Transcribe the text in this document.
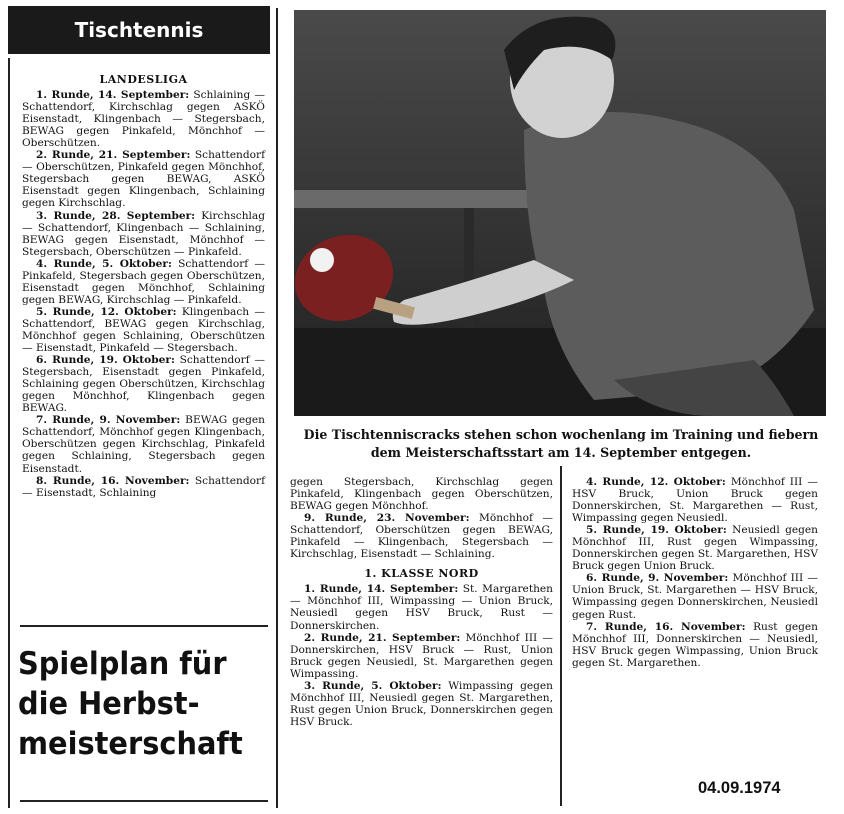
Tischtennis
LANDESLIGA

1. Runde, 14. September: Schlaining — Schattendorf, Kirchschlag gegen ASKÖ Eisenstadt, Klingenbach — Stegersbach, BEWAG gegen Pinkafeld, Mönchhof — Oberschützen.

2. Runde, 21. September: Schattendorf — Oberschützen, Pinkafeld gegen Mönchhof, Stegersbach gegen BEWAG, ASKÖ Eisenstadt gegen Klingenbach, Schlaining gegen Kirchschlag.

3. Runde, 28. September: Kirchschlag — Schattendorf, Klingenbach — Schlaining, BEWAG gegen Eisenstadt, Mönchhof — Stegersbach, Oberschützen — Pinkafeld.

4. Runde, 5. Oktober: Schattendorf — Pinkafeld, Stegersbach gegen Oberschützen, Eisenstadt gegen Mönchhof, Schlaining gegen BEWAG, Kirchschlag — Pinkafeld.

5. Runde, 12. Oktober: Klingenbach — Schattendorf, BEWAG gegen Kirchschlag, Mönchhof gegen Schlaining, Oberschützen — Eisenstadt, Pinkafeld — Stegersbach.

6. Runde, 19. Oktober: Schattendorf — Stegersbach, Eisenstadt gegen Pinkafeld, Schlaining gegen Oberschützen, Kirchschlag gegen Mönchhof, Klingenbach gegen BEWAG.

7. Runde, 9. November: BEWAG gegen Schattendorf, Mönchhof gegen Klingenbach, Oberschützen gegen Kirchschlag, Pinkafeld gegen Schlaining, Stegersbach gegen Eisenstadt.

8. Runde, 16. November: Schattendorf — Eisenstadt, Schlaining

Spielplan für
die Herbst-
meisterschaft
Die Tischtenniscracks stehen schon wochenlang im Training und fiebern dem Meisterschaftsstart am 14. September entgegen.

gegen Stegersbach, Kirchschlag gegen Pinkafeld, Klingenbach gegen Oberschützen, BEWAG gegen Mönchhof.

9. Runde, 23. November: Mönchhof — Schattendorf, Oberschützen gegen BEWAG, Pinkafeld — Klingenbach, Stegersbach — Kirchschlag, Eisenstadt — Schlaining.

1. KLASSE NORD

1. Runde, 14. September: St. Margarethen — Mönchhof III, Wimpassing — Union Bruck, Neusiedl gegen HSV Bruck, Rust — Donnerskirchen.

2. Runde, 21. September: Mönchhof III — Donnerskirchen, HSV Bruck — Rust, Union Bruck gegen Neusiedl, St. Margarethen gegen Wimpassing.

3. Runde, 5. Oktober: Wimpassing gegen Mönchhof III, Neusiedl gegen St. Margarethen, Rust gegen Union Bruck, Donnerskirchen gegen HSV Bruck.

4. Runde, 12. Oktober: Mönchhof III — HSV Bruck, Union Bruck gegen Donnerskirchen, St. Margarethen — Rust, Wimpassing gegen Neusiedl.

5. Runde, 19. Oktober: Neusiedl gegen Mönchhof III, Rust gegen Wimpassing, Donnerskirchen gegen St. Margarethen, HSV Bruck gegen Union Bruck.

6. Runde, 9. November: Mönchhof III — Union Bruck, St. Margarethen — HSV Bruck, Wimpassing gegen Donnerskirchen, Neusiedl gegen Rust.

7. Runde, 16. November: Rust gegen Mönchhof III, Donnerskirchen — Neusiedl, HSV Bruck gegen Wimpassing, Union Bruck gegen St. Margarethen.

04.09.1974
